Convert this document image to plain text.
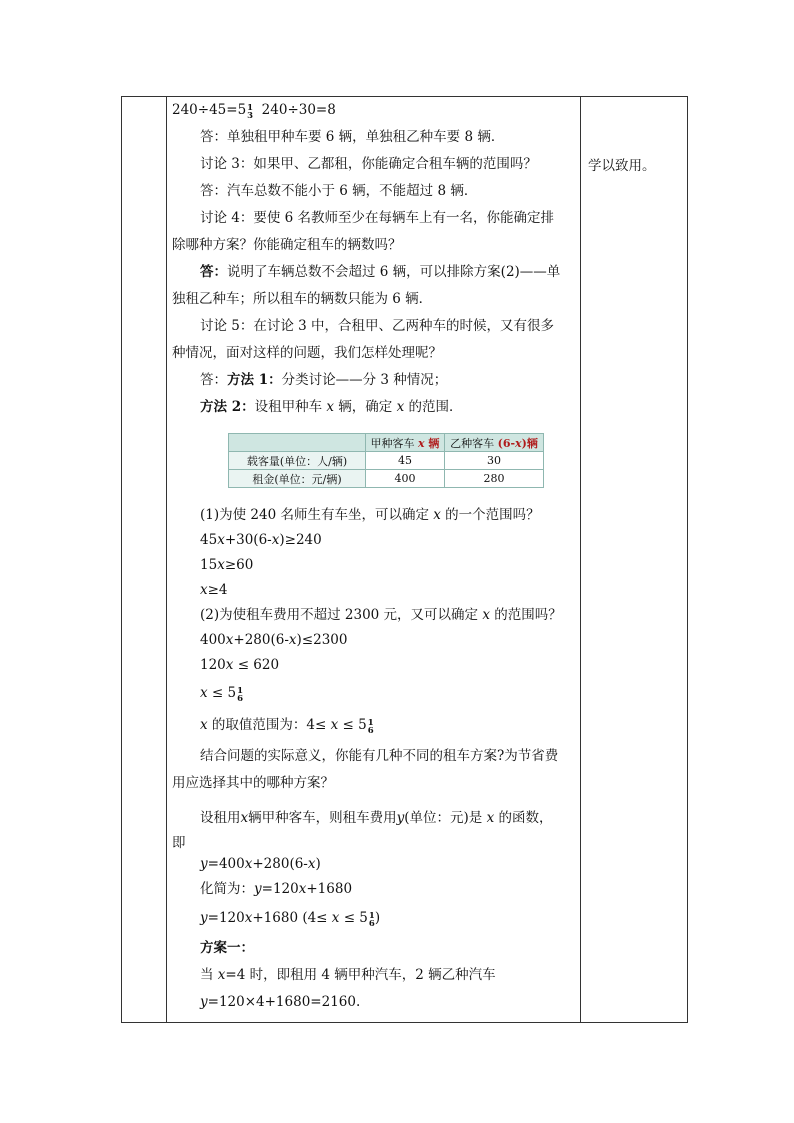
学以致用。
240÷45=5 1
3 240÷30=8
答：单独租甲种车要 6 辆，单独租乙种车要 8 辆．
讨论 3：如果甲、乙都租，你能确定合租车辆的范围吗？
答：汽车总数不能小于 6 辆，不能超过 8 辆．
讨论 4：要使 6 名教师至少在每辆车上有一名，你能确定排
除哪种方案？你能确定租车的辆数吗？
答：说明了车辆总数不会超过 6 辆，可以排除方案(2)——单
独租乙种车；所以租车的辆数只能为 6 辆．
讨论 5：在讨论 3 中，合租甲、乙两种车的时候，又有很多
种情况，面对这样的问题，我们怎样处理呢？
答：方法 1：分类讨论——分 3 种情况；
方法 2：设租甲种车 x 辆，确定 x 的范围．
	甲种客车 x 辆	乙种客车 (6-x)辆
载客量(单位：人/辆)	45	30
租金(单位：元/辆)	400	280
(1)为使 240 名师生有车坐，可以确定 x 的一个范围吗？
45x+30(6-x)≥240
15x≥60
x≥4
(2)为使租车费用不超过 2300 元，又可以确定 x 的范围吗？
400x+280(6-x)≤2300
120x ≤ 620
x ≤ 5 1
6
x 的取值范围为：4≤ x ≤ 5 1
6
结合问题的实际意义，你能有几种不同的租车方案?为节省费
用应选择其中的哪种方案？
设租用x辆甲种客车，则租车费用y(单位：元)是 x 的函数，
即
y=400x+280(6-x)
化简为：y=120x+1680
y=120x+1680 (4≤ x ≤ 5 1
6 )
方案一：
当 x=4 时，即租用 4 辆甲种汽车，2 辆乙种汽车
y=120×4+1680=2160.
